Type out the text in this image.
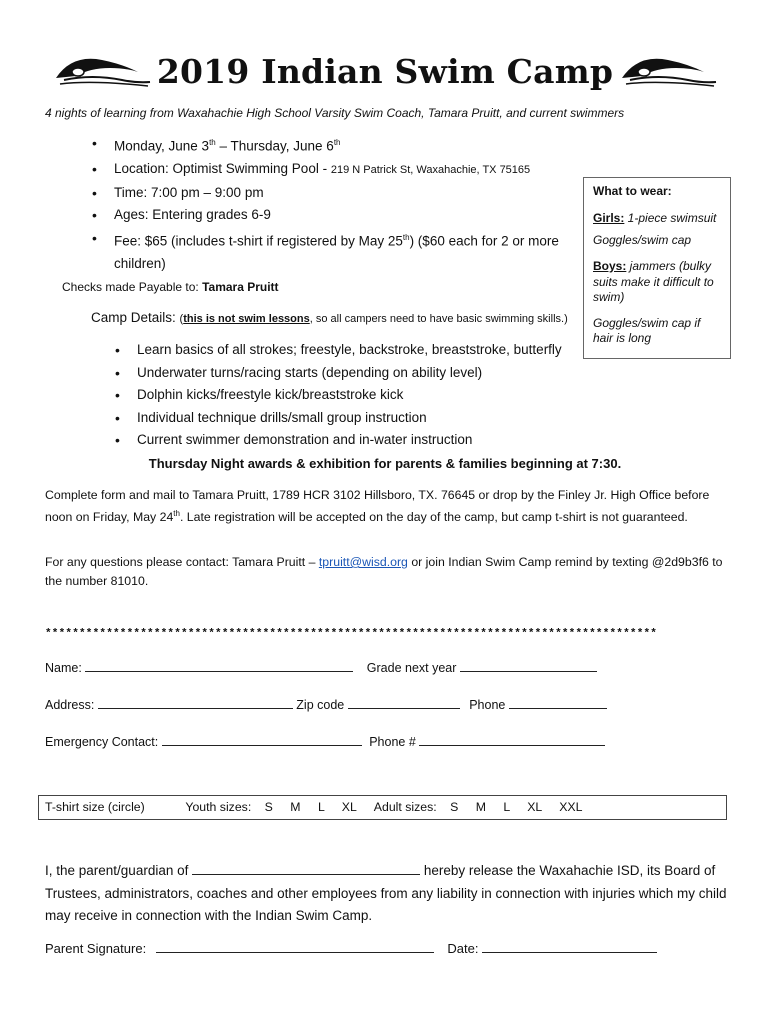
2019 Indian Swim Camp
4 nights of learning from Waxahachie High School Varsity Swim Coach, Tamara Pruitt, and current swimmers
• Monday, June 3th – Thursday, June 6th
• Location: Optimist Swimming Pool - 219 N Patrick St, Waxahachie, TX 75165
• Time: 7:00 pm – 9:00 pm
• Ages: Entering grades 6-9
• Fee: $65 (includes t-shirt if registered by May 25th) ($60 each for 2 or more children)

What to wear:

Girls: 1-piece swimsuit

Goggles/swim cap

Boys: jammers (bulky suits make it difficult to swim)

Goggles/swim cap if hair is long

Checks made Payable to: Tamara Pruitt
Camp Details: (this is not swim lessons, so all campers need to have basic swimming skills.)
• Learn basics of all strokes; freestyle, backstroke, breaststroke, butterfly
• Underwater turns/racing starts (depending on ability level)
• Dolphin kicks/freestyle kick/breaststroke kick
• Individual technique drills/small group instruction
• Current swimmer demonstration and in-water instruction
Thursday Night awards & exhibition for parents & families beginning at 7:30.
Complete form and mail to Tamara Pruitt, 1789 HCR 3102 Hillsboro, TX. 76645 or drop by the Finley Jr. High Office before noon on Friday, May 24th. Late registration will be accepted on the day of the camp, but camp t-shirt is not guaranteed.
For any questions please contact: Tamara Pruitt – tpruitt@wisd.org or join Indian Swim Camp remind by texting @2d9b3f6 to the number 81010.
******************************************************************************************
Name:	Grade next year
Address:	Zip code	Phone
Emergency Contact:	Phone #
T-shirt size (circle)	Youth sizes: S M L XL Adult sizes: S M L XL XXL
I, the parent/guardian of	hereby release the Waxahachie ISD, its Board of Trustees, administrators, coaches and other employees from any liability in connection with injuries which my child may receive in connection with the Indian Swim Camp.
Parent Signature:	Date:
